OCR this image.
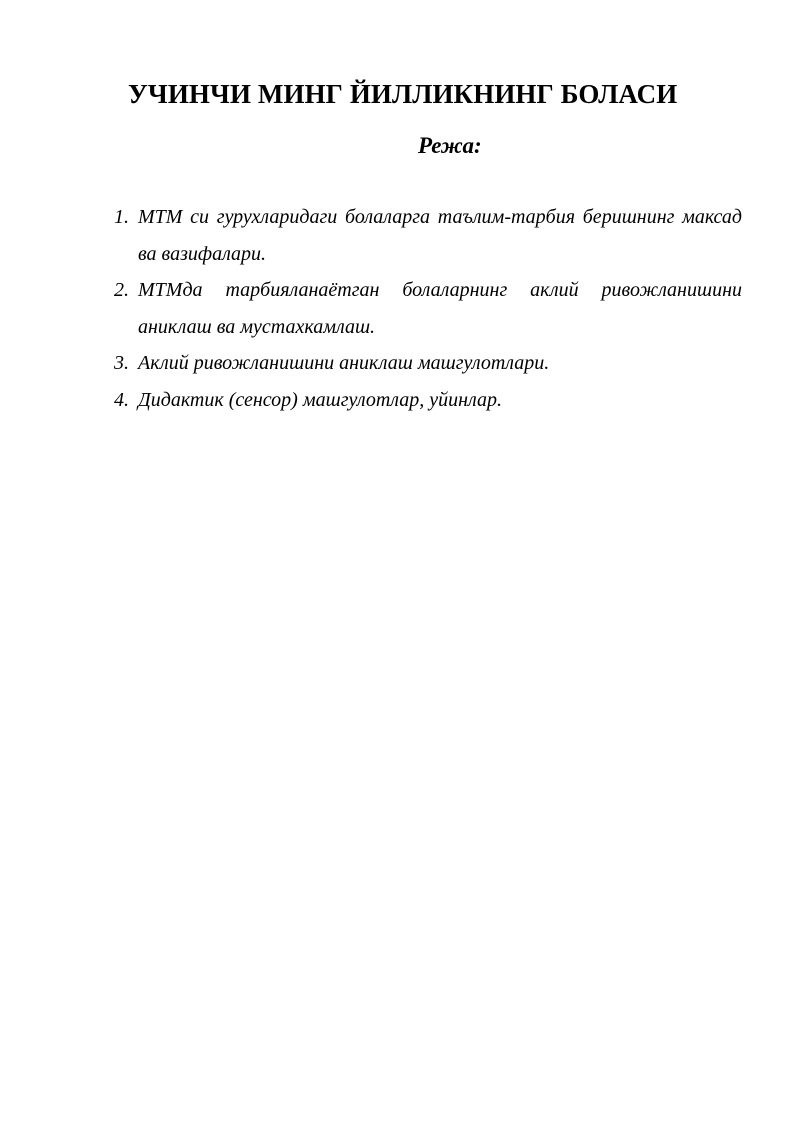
УЧИНЧИ МИНГ ЙИЛЛИКНИНГ БОЛАСИ
Режа:
1. МТМ си гурухларидаги болаларга таълим-тарбия беришнинг максад ва вазифалари.
2. МТМда тарбияланаётган болаларнинг аклий ривожланишини аниклаш ва мустахкамлаш.
3. Аклий ривожланишини аниклаш машгулотлари.
4. Дидактик (сенсор) машгулотлар, уйинлар.
